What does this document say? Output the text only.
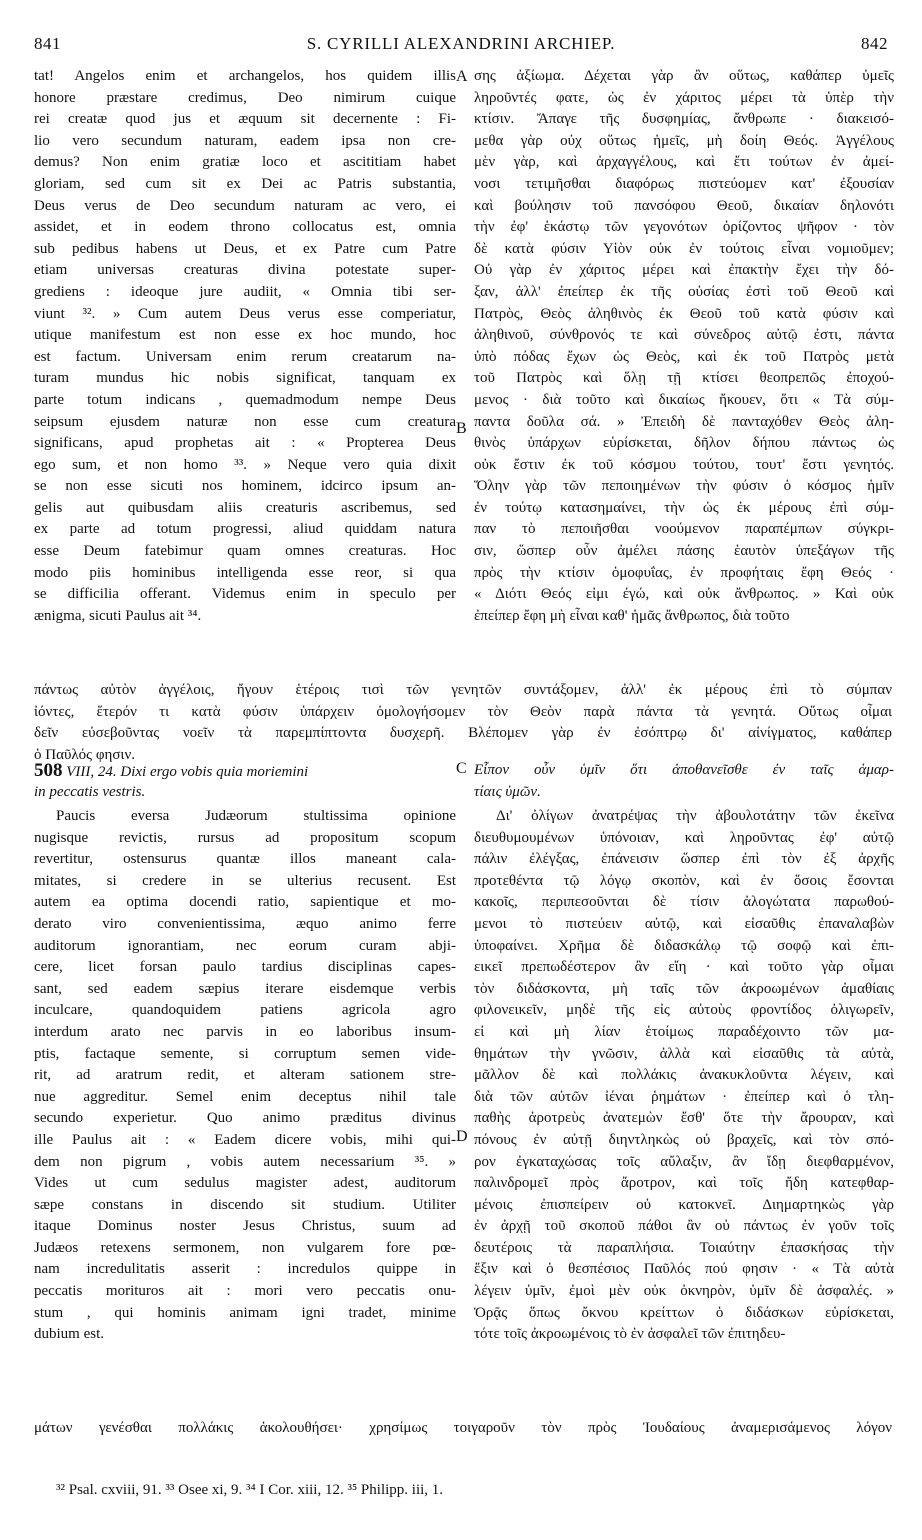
841	S. CYRILLI ALEXANDRINI ARCHIEP.	842
tat! Angelos enim et archangelos, hos quidem illis
honore præstare credimus, Deo nimirum cuique
rei creatæ quod jus et æquum sit decernente : Fi-
lio vero secundum naturam, eadem ipsa non cre-
demus? Non enim gratiæ loco et ascititiam habet
gloriam, sed cum sit ex Dei ac Patris substantia,
Deus verus de Deo secundum naturam ac vero, ei
assidet, et in eodem throno collocatus est, omnia
sub pedibus habens ut Deus, et ex Patre cum Patre
etiam universas creaturas divina potestate super-
grediens : ideoque jure audiit, « Omnia tibi ser-
viunt ³². » Cum autem Deus verus esse comperiatur,
utique manifestum est non esse ex hoc mundo, hoc
est factum. Universam enim rerum creatarum na-
turam mundus hic nobis significat, tanquam ex
parte totum indicans , quemadmodum nempe Deus
seipsum ejusdem naturæ non esse cum creatura
significans, apud prophetas ait : « Propterea Deus
ego sum, et non homo ³³. » Neque vero quia dixit
se non esse sicuti nos hominem, idcirco ipsum an-
gelis aut quibusdam aliis creaturis ascribemus, sed
ex parte ad totum progressi, aliud quiddam natura
esse Deum fatebimur quam omnes creaturas. Hoc
modo piis hominibus intelligenda esse reor, si qua
se difficilia offerant. Videmus enim in speculo per
ænigma, sicuti Paulus ait ³⁴.
σης ἀξίωμα. Δέχεται γὰρ ἂν οὕτως, καθάπερ ὑμεῖς
ληροῦντές φατε, ὡς ἐν χάριτος μέρει τὰ ὑπὲρ τὴν
κτίσιν. Ἄπαγε τῆς δυσφημίας, ἄνθρωπε · διακεισό-
μεθα γὰρ οὐχ οὕτως ἡμεῖς, μὴ δοίη Θεός. Ἀγγέλους
μὲν γὰρ, καὶ ἀρχαγγέλους, καὶ ἔτι τούτων ἐν ἀμεί-
νοσι τετιμῆσθαι διαφόρως πιστεύομεν κατ' ἐξουσίαν
καὶ βούλησιν τοῦ πανσόφου Θεοῦ, δικαίαν δηλονότι
τὴν ἐφ' ἑκάστῳ τῶν γεγονότων ὁρίζοντος ψῆφον · τὸν
δὲ κατὰ φύσιν Υἱὸν οὐκ ἐν τούτοις εἶναι νομιοῦμεν;
Οὐ γὰρ ἐν χάριτος μέρει καὶ ἐπακτὴν ἔχει τὴν δό-
ξαν, ἀλλ' ἐπείπερ ἐκ τῆς οὐσίας ἐστὶ τοῦ Θεοῦ καὶ
Πατρὸς, Θεὸς ἀληθινὸς ἐκ Θεοῦ τοῦ κατὰ φύσιν καὶ
ἀληθινοῦ, σύνθρονός τε καὶ σύνεδρος αὐτῷ ἐστι, πάντα
ὑπὸ πόδας ἔχων ὡς Θεὸς, καὶ ἐκ τοῦ Πατρὸς μετὰ
τοῦ Πατρὸς καὶ ὅλῃ τῇ κτίσει θεοπρεπῶς ἐποχού-
μενος · διὰ τοῦτο καὶ δικαίως ἤκουεν, ὅτι « Τὰ σύμ-
παντα δοῦλα σά. » Ἐπειδὴ δὲ πανταχόθεν Θεὸς ἀλη-
θινὸς ὑπάρχων εὑρίσκεται, δῆλον δήπου πάντως ὡς
οὐκ ἔστιν ἐκ τοῦ κόσμου τούτου, τουτ' ἔστι γενητός.
Ὅλην γὰρ τῶν πεποιημένων τὴν φύσιν ὁ κόσμος ἡμῖν
ἐν τούτῳ κατασημαίνει, τὴν ὡς ἐκ μέρους ἐπὶ σύμ-
παν τὸ πεποιῆσθαι νοούμενον παραπέμπων σύγκρι-
σιν, ὥσπερ οὖν ἀμέλει πάσης ἑαυτὸν ὑπεξάγων τῆς
πρὸς τὴν κτίσιν ὁμοφυΐας, ἐν προφήταις ἔφη Θεός ·
« Διότι Θεός εἰμι ἐγώ, καὶ οὐκ ἄνθρωπος. » Καὶ οὐκ
ἐπείπερ ἔφη μὴ εἶναι καθ' ἡμᾶς ἄνθρωπος, διὰ τοῦτο
A
B
C
D
πάντως αὐτὸν ἀγγέλοις, ἤγουν ἑτέροις τισὶ τῶν γενητῶν συντάξομεν, ἀλλ' ἐκ μέρους ἐπὶ τὸ σύμπαν
ἰόντες, ἕτερόν τι κατὰ φύσιν ὑπάρχειν ὁμολογήσομεν τὸν Θεὸν παρὰ πάντα τὰ γενητά. Οὕτως οἶμαι
δεῖν εὐσεβοῦντας νοεῖν τὰ παρεμπίπτοντα δυσχερῆ. Βλέπομεν γὰρ ἐν ἐσόπτρῳ δι' αἰνίγματος, καθάπερ
ὁ Παῦλός φησιν.
508 VIII, 24. Dixi ergo vobis quia moriemini
in peccatis vestris.
Εἶπον οὖν ὑμῖν ὅτι ἀποθανεῖσθε ἐν ταῖς ἁμαρ-
τίαις ὑμῶν.
Paucis eversa Judæorum stultissima opinione
nugisque revictis, rursus ad propositum scopum
revertitur, ostensurus quantæ illos maneant cala-
mitates, si credere in se ulterius recusent. Est
autem ea optima docendi ratio, sapientique et mo-
derato viro convenientissima, æquo animo ferre
auditorum ignorantiam, nec eorum curam abji-
cere, licet forsan paulo tardius disciplinas capes-
sant, sed eadem sæpius iterare eisdemque verbis
inculcare, quandoquidem patiens agricola agro
interdum arato nec parvis in eo laboribus insum-
ptis, factaque semente, si corruptum semen vide-
rit, ad aratrum redit, et alteram sationem stre-
nue aggreditur. Semel enim deceptus nihil tale
secundo experietur. Quo animo præditus divinus
ille Paulus ait : « Eadem dicere vobis, mihi qui-
dem non pigrum , vobis autem necessarium ³⁵. »
Vides ut cum sedulus magister adest, auditorum
sæpe constans in discendo sit studium. Utiliter
itaque Dominus noster Jesus Christus, suum ad
Judæos retexens sermonem, non vulgarem fore pœ-
nam incredulitatis asserit : incredulos quippe in
peccatis morituros ait : mori vero peccatis onu-
stum , qui hominis animam igni tradet, minime
dubium est.
Δι' ὀλίγων ἀνατρέψας τὴν ἀβουλοτάτην τῶν ἐκεῖνα
διευθυμουμένων ὑπόνοιαν, καὶ ληροῦντας ἐφ' αὐτῷ
πάλιν ἐλέγξας, ἐπάνεισιν ὥσπερ ἐπὶ τὸν ἐξ ἀρχῆς
προτεθέντα τῷ λόγῳ σκοπὸν, καὶ ἐν ὅσοις ἔσονται
κακοῖς, περιπεσοῦνται δὲ τίσιν ἀλογώτατα παρωθού-
μενοι τὸ πιστεύειν αὐτῷ, καὶ εἰσαῦθις ἐπαναλαβὼν
ὑποφαίνει. Χρῆμα δὲ διδασκάλῳ τῷ σοφῷ καὶ ἐπι-
εικεῖ πρεπωδέστερον ἂν εἴη · καὶ τοῦτο γὰρ οἶμαι
τὸν διδάσκοντα, μὴ ταῖς τῶν ἀκροωμένων ἀμαθίαις
φιλονεικεῖν, μηδὲ τῆς εἰς αὐτοὺς φροντίδος ὀλιγωρεῖν,
εἰ καὶ μὴ λίαν ἑτοίμως παραδέχοιντο τῶν μα-
θημάτων τὴν γνῶσιν, ἀλλὰ καὶ εἰσαῦθις τὰ αὐτὰ,
μᾶλλον δὲ καὶ πολλάκις ἀνακυκλοῦντα λέγειν, καὶ
διὰ τῶν αὐτῶν ἰέναι ῥημάτων · ἐπείπερ καὶ ὁ τλη-
παθὴς ἀροτρεὺς ἀνατεμὼν ἔσθ' ὅτε τὴν ἄρουραν, καὶ
πόνους ἐν αὐτῇ διηντληκὼς οὐ βραχεῖς, καὶ τὸν σπό-
ρον ἐγκαταχώσας τοῖς αὔλαξιν, ἂν ἴδῃ διεφθαρμένον,
παλινδρομεῖ πρὸς ἄροτρον, καὶ τοῖς ἤδη κατεφθαρ-
μένοις ἐπισπείρειν οὐ κατοκνεῖ. Διημαρτηκὼς γὰρ
ἐν ἀρχῇ τοῦ σκοποῦ πάθοι ἂν οὐ πάντως ἐν γοῦν τοῖς
δευτέροις τὰ παραπλήσια. Τοιαύτην ἐπασκήσας τὴν
ἕξιν καὶ ὁ θεσπέσιος Παῦλός πού φησιν · « Τὰ αὐτὰ
λέγειν ὑμῖν, ἐμοὶ μὲν οὐκ ὀκνηρὸν, ὑμῖν δὲ ἀσφαλές. »
Ὁρᾷς ὅπως ὄκνου κρείττων ὁ διδάσκων εὑρίσκεται,
τότε τοῖς ἀκροωμένοις τὸ ἐν ἀσφαλεῖ τῶν ἐπιτηδευ-
μάτων γενέσθαι πολλάκις ἀκολουθήσει· χρησίμως τοιγαροῦν τὸν πρὸς Ἰουδαίους ἀναμερισάμενος λόγον
³² Psal. cxviii, 91. ³³ Osee xi, 9. ³⁴ I Cor. xiii, 12. ³⁵ Philipp. iii, 1.
